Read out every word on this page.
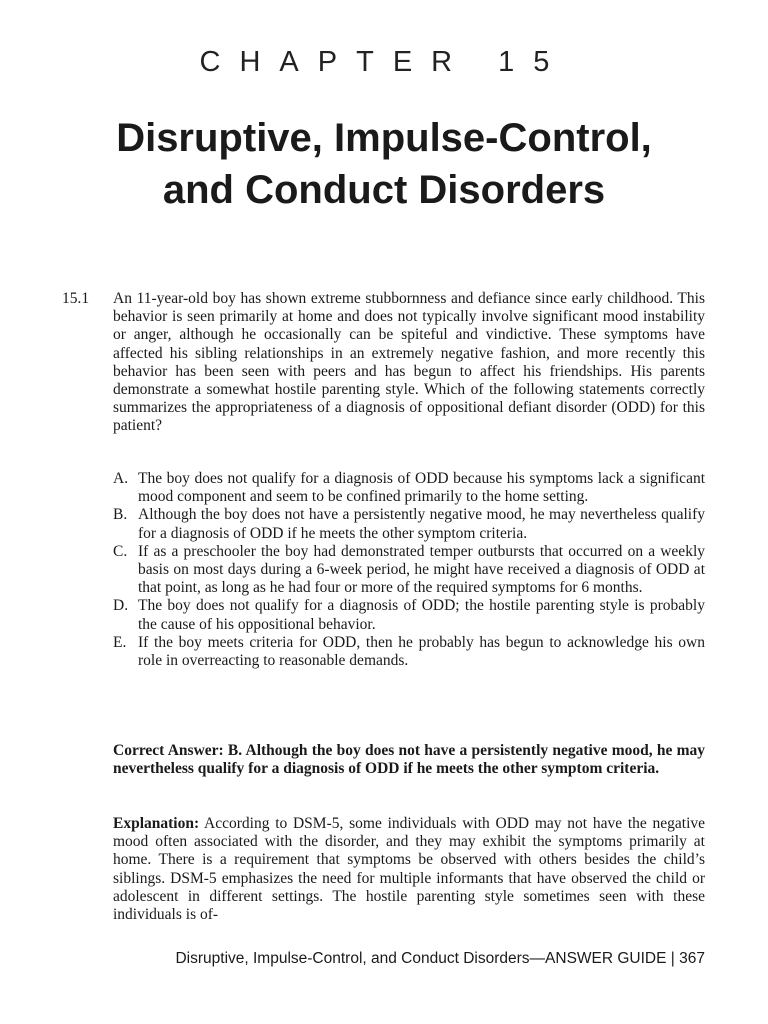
CHAPTER 15
Disruptive, Impulse-Control, and Conduct Disorders
15.1 An 11-year-old boy has shown extreme stubbornness and defiance since early childhood. This behavior is seen primarily at home and does not typically involve significant mood instability or anger, although he occasionally can be spiteful and vindictive. These symptoms have affected his sibling relationships in an extremely negative fashion, and more recently this behavior has been seen with peers and has begun to affect his friendships. His parents demonstrate a somewhat hostile parenting style. Which of the following statements correctly summarizes the appropriateness of a diagnosis of oppositional defiant disorder (ODD) for this patient?

A. The boy does not qualify for a diagnosis of ODD because his symptoms lack a significant mood component and seem to be confined primarily to the home setting.
B. Although the boy does not have a persistently negative mood, he may nevertheless qualify for a diagnosis of ODD if he meets the other symptom criteria.
C. If as a preschooler the boy had demonstrated temper outbursts that occurred on a weekly basis on most days during a 6-week period, he might have received a diagnosis of ODD at that point, as long as he had four or more of the required symptoms for 6 months.
D. The boy does not qualify for a diagnosis of ODD; the hostile parenting style is probably the cause of his oppositional behavior.
E. If the boy meets criteria for ODD, then he probably has begun to acknowledge his own role in overreacting to reasonable demands.

Correct Answer: B. Although the boy does not have a persistently negative mood, he may nevertheless qualify for a diagnosis of ODD if he meets the other symptom criteria.

Explanation: According to DSM-5, some individuals with ODD may not have the negative mood often associated with the disorder, and they may exhibit the symptoms primarily at home. There is a requirement that symptoms be observed with others besides the child’s siblings. DSM-5 emphasizes the need for multiple informants that have observed the child or adolescent in different settings. The hostile parenting style sometimes seen with these individuals is of-

Disruptive, Impulse-Control, and Conduct Disorders—ANSWER GUIDE | 367
